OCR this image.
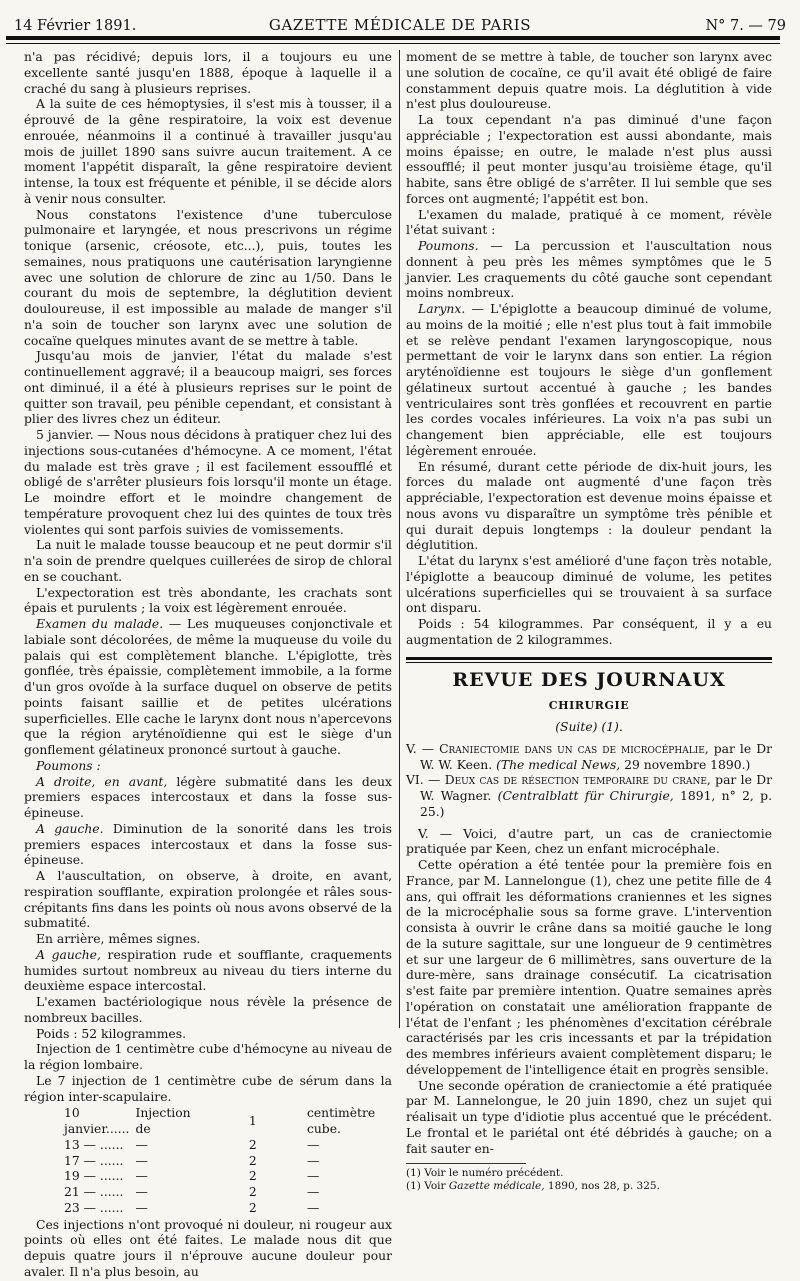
14 Février 1891.	GAZETTE MÉDICALE DE PARIS	N° 7. — 79

n'a pas récidivé; depuis lors, il a toujours eu une excellente santé jusqu'en 1888, époque à laquelle il a craché du sang à plusieurs reprises.

A la suite de ces hémoptysies, il s'est mis à tousser, il a éprouvé de la gêne respiratoire, la voix est devenue enrouée, néanmoins il a continué à travailler jusqu'au mois de juillet 1890 sans suivre aucun traitement. A ce moment l'appétit disparaît, la gêne respiratoire devient intense, la toux est fréquente et pénible, il se décide alors à venir nous consulter.

Nous constatons l'existence d'une tuberculose pulmonaire et laryngée, et nous prescrivons un régime tonique (arsenic, créosote, etc...), puis, toutes les semaines, nous pratiquons une cautérisation laryngienne avec une solution de chlorure de zinc au 1/50. Dans le courant du mois de septembre, la déglutition devient douloureuse, il est impossible au malade de manger s'il n'a soin de toucher son larynx avec une solution de cocaïne quelques minutes avant de se mettre à table.

Jusqu'au mois de janvier, l'état du malade s'est continuellement aggravé; il a beaucoup maigri, ses forces ont diminué, il a été à plusieurs reprises sur le point de quitter son travail, peu pénible cependant, et consistant à plier des livres chez un éditeur.

5 janvier. — Nous nous décidons à pratiquer chez lui des injections sous-cutanées d'hémocyne. A ce moment, l'état du malade est très grave ; il est facilement essoufflé et obligé de s'arrêter plusieurs fois lorsqu'il monte un étage. Le moindre effort et le moindre changement de température provoquent chez lui des quintes de toux très violentes qui sont parfois suivies de vomissements.

La nuit le malade tousse beaucoup et ne peut dormir s'il n'a soin de prendre quelques cuillerées de sirop de chloral en se couchant.

L'expectoration est très abondante, les crachats sont épais et purulents ; la voix est légèrement enrouée.

Examen du malade. — Les muqueuses conjonctivale et labiale sont décolorées, de même la muqueuse du voile du palais qui est complètement blanche. L'épiglotte, très gonflée, très épaissie, complètement immobile, a la forme d'un gros ovoïde à la surface duquel on observe de petits points faisant saillie et de petites ulcérations superficielles. Elle cache le larynx dont nous n'apercevons que la région aryténoïdienne qui est le siège d'un gonflement gélatineux prononcé surtout à gauche.

Poumons :

A droite, en avant, légère submatité dans les deux premiers espaces intercostaux et dans la fosse sus-épineuse.

A gauche. Diminution de la sonorité dans les trois premiers espaces intercostaux et dans la fosse sus-épineuse.

A l'auscultation, on observe, à droite, en avant, respiration soufflante, expiration prolongée et râles sous-crépitants fins dans les points où nous avons observé de la submatité.

En arrière, mêmes signes.

A gauche, respiration rude et soufflante, craquements humides surtout nombreux au niveau du tiers interne du deuxième espace intercostal.

L'examen bactériologique nous révèle la présence de nombreux bacilles.

Poids : 52 kilogrammes.

Injection de 1 centimètre cube d'hémocyne au niveau de la région lombaire.

Le 7 injection de 1 centimètre cube de sérum dans la région inter-scapulaire.

10 janvier......	Injection de	1	centimètre cube.
13 — ......	—	2	—
17 — ......	—	2	—
19 — ......	—	2	—
21 — ......	—	2	—
23 — ......	—	2	—

Ces injections n'ont provoqué ni douleur, ni rougeur aux points où elles ont été faites. Le malade nous dit que depuis quatre jours il n'éprouve aucune douleur pour avaler. Il n'a plus besoin, au

moment de se mettre à table, de toucher son larynx avec une solution de cocaïne, ce qu'il avait été obligé de faire constamment depuis quatre mois. La déglutition à vide n'est plus douloureuse.

La toux cependant n'a pas diminué d'une façon appréciable ; l'expectoration est aussi abondante, mais moins épaisse; en outre, le malade n'est plus aussi essoufflé; il peut monter jusqu'au troisième étage, qu'il habite, sans être obligé de s'arrêter. Il lui semble que ses forces ont augmenté; l'appétit est bon.

L'examen du malade, pratiqué à ce moment, révèle l'état suivant :

Poumons. — La percussion et l'auscultation nous donnent à peu près les mêmes symptômes que le 5 janvier. Les craquements du côté gauche sont cependant moins nombreux.

Larynx. — L'épiglotte a beaucoup diminué de volume, au moins de la moitié ; elle n'est plus tout à fait immobile et se relève pendant l'examen laryngoscopique, nous permettant de voir le larynx dans son entier. La région aryténoïdienne est toujours le siège d'un gonflement gélatineux surtout accentué à gauche ; les bandes ventriculaires sont très gonflées et recouvrent en partie les cordes vocales inférieures. La voix n'a pas subi un changement bien appréciable, elle est toujours légèrement enrouée.

En résumé, durant cette période de dix-huit jours, les forces du malade ont augmenté d'une façon très appréciable, l'expectoration est devenue moins épaisse et nous avons vu disparaître un symptôme très pénible et qui durait depuis longtemps : la douleur pendant la déglutition.

L'état du larynx s'est amélioré d'une façon très notable, l'épiglotte a beaucoup diminué de volume, les petites ulcérations superficielles qui se trouvaient à sa surface ont disparu.

Poids : 54 kilogrammes. Par conséquent, il y a eu augmentation de 2 kilogrammes.

REVUE DES JOURNAUX
CHIRURGIE
(Suite) (1).

V. — Craniectomie dans un cas de microcéphalie, par le Dr W. W. Keen. (The medical News, 29 novembre 1890.)

VI. — Deux cas de résection temporaire du crane, par le Dr W. Wagner. (Centralblatt für Chirurgie, 1891, n° 2, p. 25.)

V. — Voici, d'autre part, un cas de craniectomie pratiquée par Keen, chez un enfant microcéphale.

Cette opération a été tentée pour la première fois en France, par M. Lannelongue (1), chez une petite fille de 4 ans, qui offrait les déformations craniennes et les signes de la microcéphalie sous sa forme grave. L'intervention consista à ouvrir le crâne dans sa moitié gauche le long de la suture sagittale, sur une longueur de 9 centimètres et sur une largeur de 6 millimètres, sans ouverture de la dure-mère, sans drainage consécutif. La cicatrisation s'est faite par première intention. Quatre semaines après l'opération on constatait une amélioration frappante de l'état de l'enfant ; les phénomènes d'excitation cérébrale caractérisés par les cris incessants et par la trépidation des membres inférieurs avaient complètement disparu; le développement de l'intelligence était en progrès sensible.

Une seconde opération de craniectomie a été pratiquée par M. Lannelongue, le 20 juin 1890, chez un sujet qui réalisait un type d'idiotie plus accentué que le précédent. Le frontal et le pariétal ont été débridés à gauche; on a fait sauter en-

(1) Voir le numéro précédent.

(1) Voir Gazette médicale, 1890, nos 28, p. 325.
